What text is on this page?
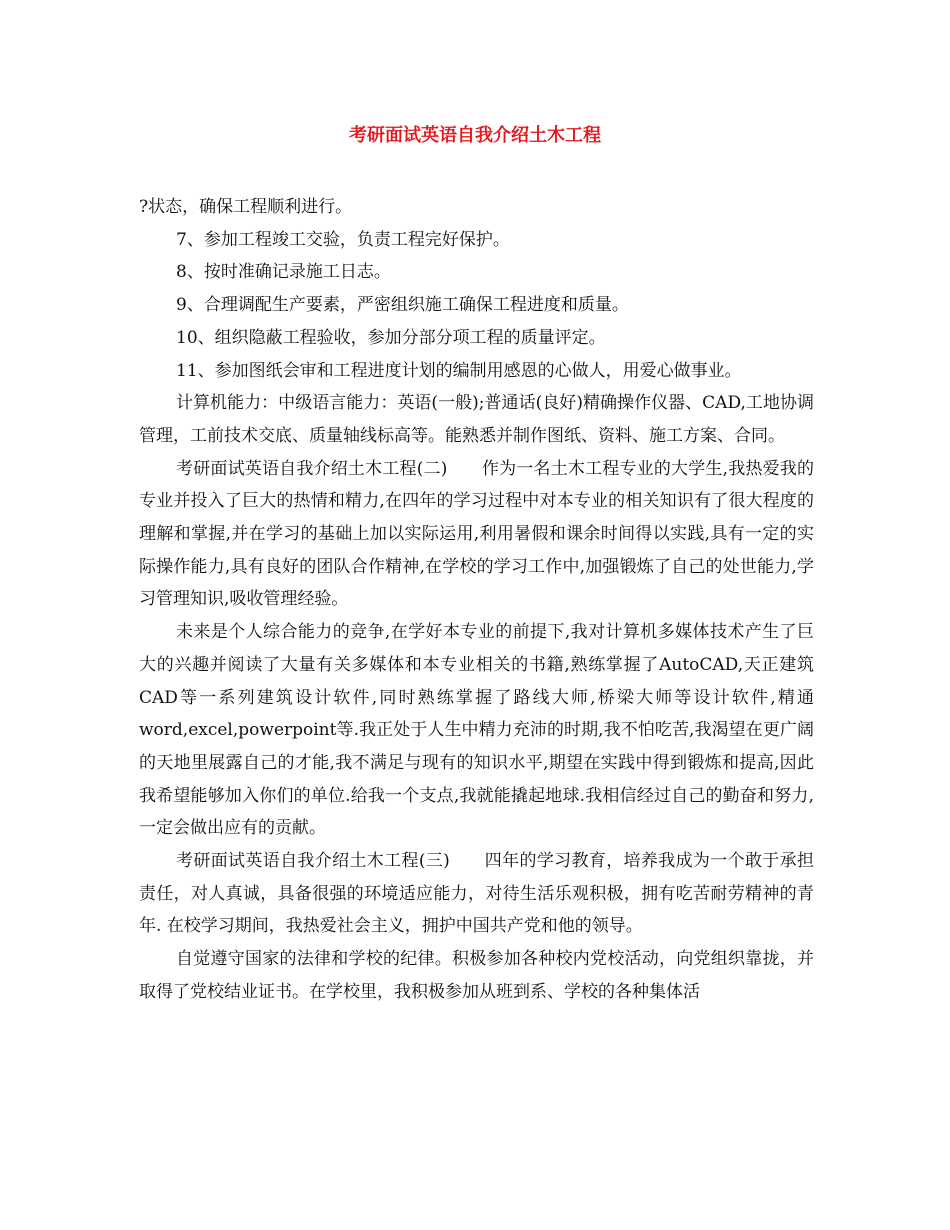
考研面试英语自我介绍土木工程

?状态，确保工程顺利进行。

7、参加工程竣工交验，负责工程完好保护。

8、按时准确记录施工日志。

9、合理调配生产要素，严密组织施工确保工程进度和质量。

10、组织隐蔽工程验收，参加分部分项工程的质量评定。

11、参加图纸会审和工程进度计划的编制用感恩的心做人，用爱心做事业。

计算机能力：中级语言能力：英语(一般);普通话(良好)精确操作仪器、CAD,工地协调管理，工前技术交底、质量轴线标高等。能熟悉并制作图纸、资料、施工方案、合同。

考研面试英语自我介绍土木工程(二)　　作为一名土木工程专业的大学生,我热爱我的专业并投入了巨大的热情和精力,在四年的学习过程中对本专业的相关知识有了很大程度的理解和掌握,并在学习的基础上加以实际运用,利用暑假和课余时间得以实践,具有一定的实际操作能力,具有良好的团队合作精神,在学校的学习工作中,加强锻炼了自己的处世能力,学习管理知识,吸收管理经验。

未来是个人综合能力的竞争,在学好本专业的前提下,我对计算机多媒体技术产生了巨大的兴趣并阅读了大量有关多媒体和本专业相关的书籍,熟练掌握了AutoCAD,天正建筑CAD等一系列建筑设计软件,同时熟练掌握了路线大师,桥梁大师等设计软件,精通word,excel,powerpoint等.我正处于人生中精力充沛的时期,我不怕吃苦,我渴望在更广阔的天地里展露自己的才能,我不满足与现有的知识水平,期望在实践中得到锻炼和提高,因此我希望能够加入你们的单位.给我一个支点,我就能撬起地球.我相信经过自己的勤奋和努力,一定会做出应有的贡献。

考研面试英语自我介绍土木工程(三)　　四年的学习教育，培养我成为一个敢于承担责任，对人真诚，具备很强的环境适应能力，对待生活乐观积极，拥有吃苦耐劳精神的青年. 在校学习期间，我热爱社会主义，拥护中国共产党和他的领导。

自觉遵守国家的法律和学校的纪律。积极参加各种校内党校活动，向党组织靠拢，并取得了党校结业证书。在学校里，我积极参加从班到系、学校的各种集体活
